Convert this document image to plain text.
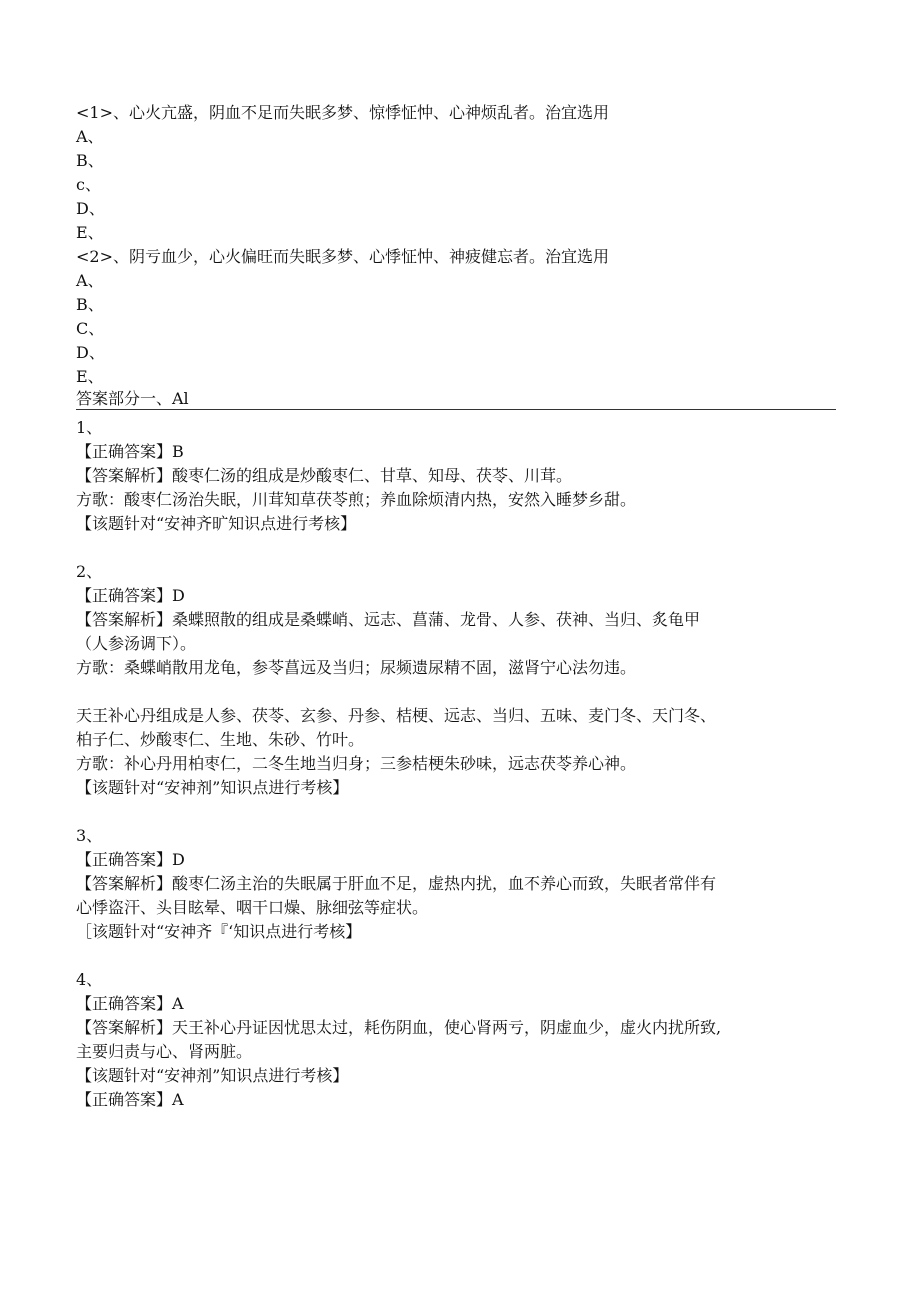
<1>、心火亢盛，阴血不足而失眠多梦、惊悸怔忡、心神烦乱者。治宜选用
A、
B、
c、
D、
E、
<2>、阴亏血少，心火偏旺而失眠多梦、心悸怔忡、神疲健忘者。治宜选用
A、
B、
C、
D、
E、
答案部分一、Al
1、
【正确答案】B
【答案解析】酸枣仁汤的组成是炒酸枣仁、甘草、知母、茯苓、川茸。
方歌：酸枣仁汤治失眠，川茸知草茯苓煎；养血除烦清内热，安然入睡梦乡甜。
【该题针对“安神齐旷知识点进行考核】
2、
【正确答案】D
【答案解析】桑蝶照散的组成是桑蝶峭、远志、菖蒲、龙骨、人参、茯神、当归、炙龟甲
（人参汤调下）。
方歌：桑蝶峭散用龙龟，参苓菖远及当归；尿频遗尿精不固，滋肾宁心法勿违。
天王补心丹组成是人参、茯苓、玄参、丹参、桔梗、远志、当归、五味、麦门冬、天门冬、
柏子仁、炒酸枣仁、生地、朱砂、竹叶。
方歌：补心丹用柏枣仁，二冬生地当归身；三参桔梗朱砂味，远志茯苓养心神。
【该题针对“安神剂”知识点进行考核】
3、
【正确答案】D
【答案解析】酸枣仁汤主治的失眠属于肝血不足，虚热内扰，血不养心而致，失眠者常伴有
心悸盗汗、头目眩晕、咽干口燥、脉细弦等症状。
［该题针对“安神齐『‘知识点进行考核】
4、
【正确答案】A
【答案解析】天王补心丹证因忧思太过，耗伤阴血，使心肾两亏，阴虚血少，虚火内扰所致,
主要归责与心、肾两脏。
【该题针对“安神剂”知识点进行考核】
【正确答案】A
